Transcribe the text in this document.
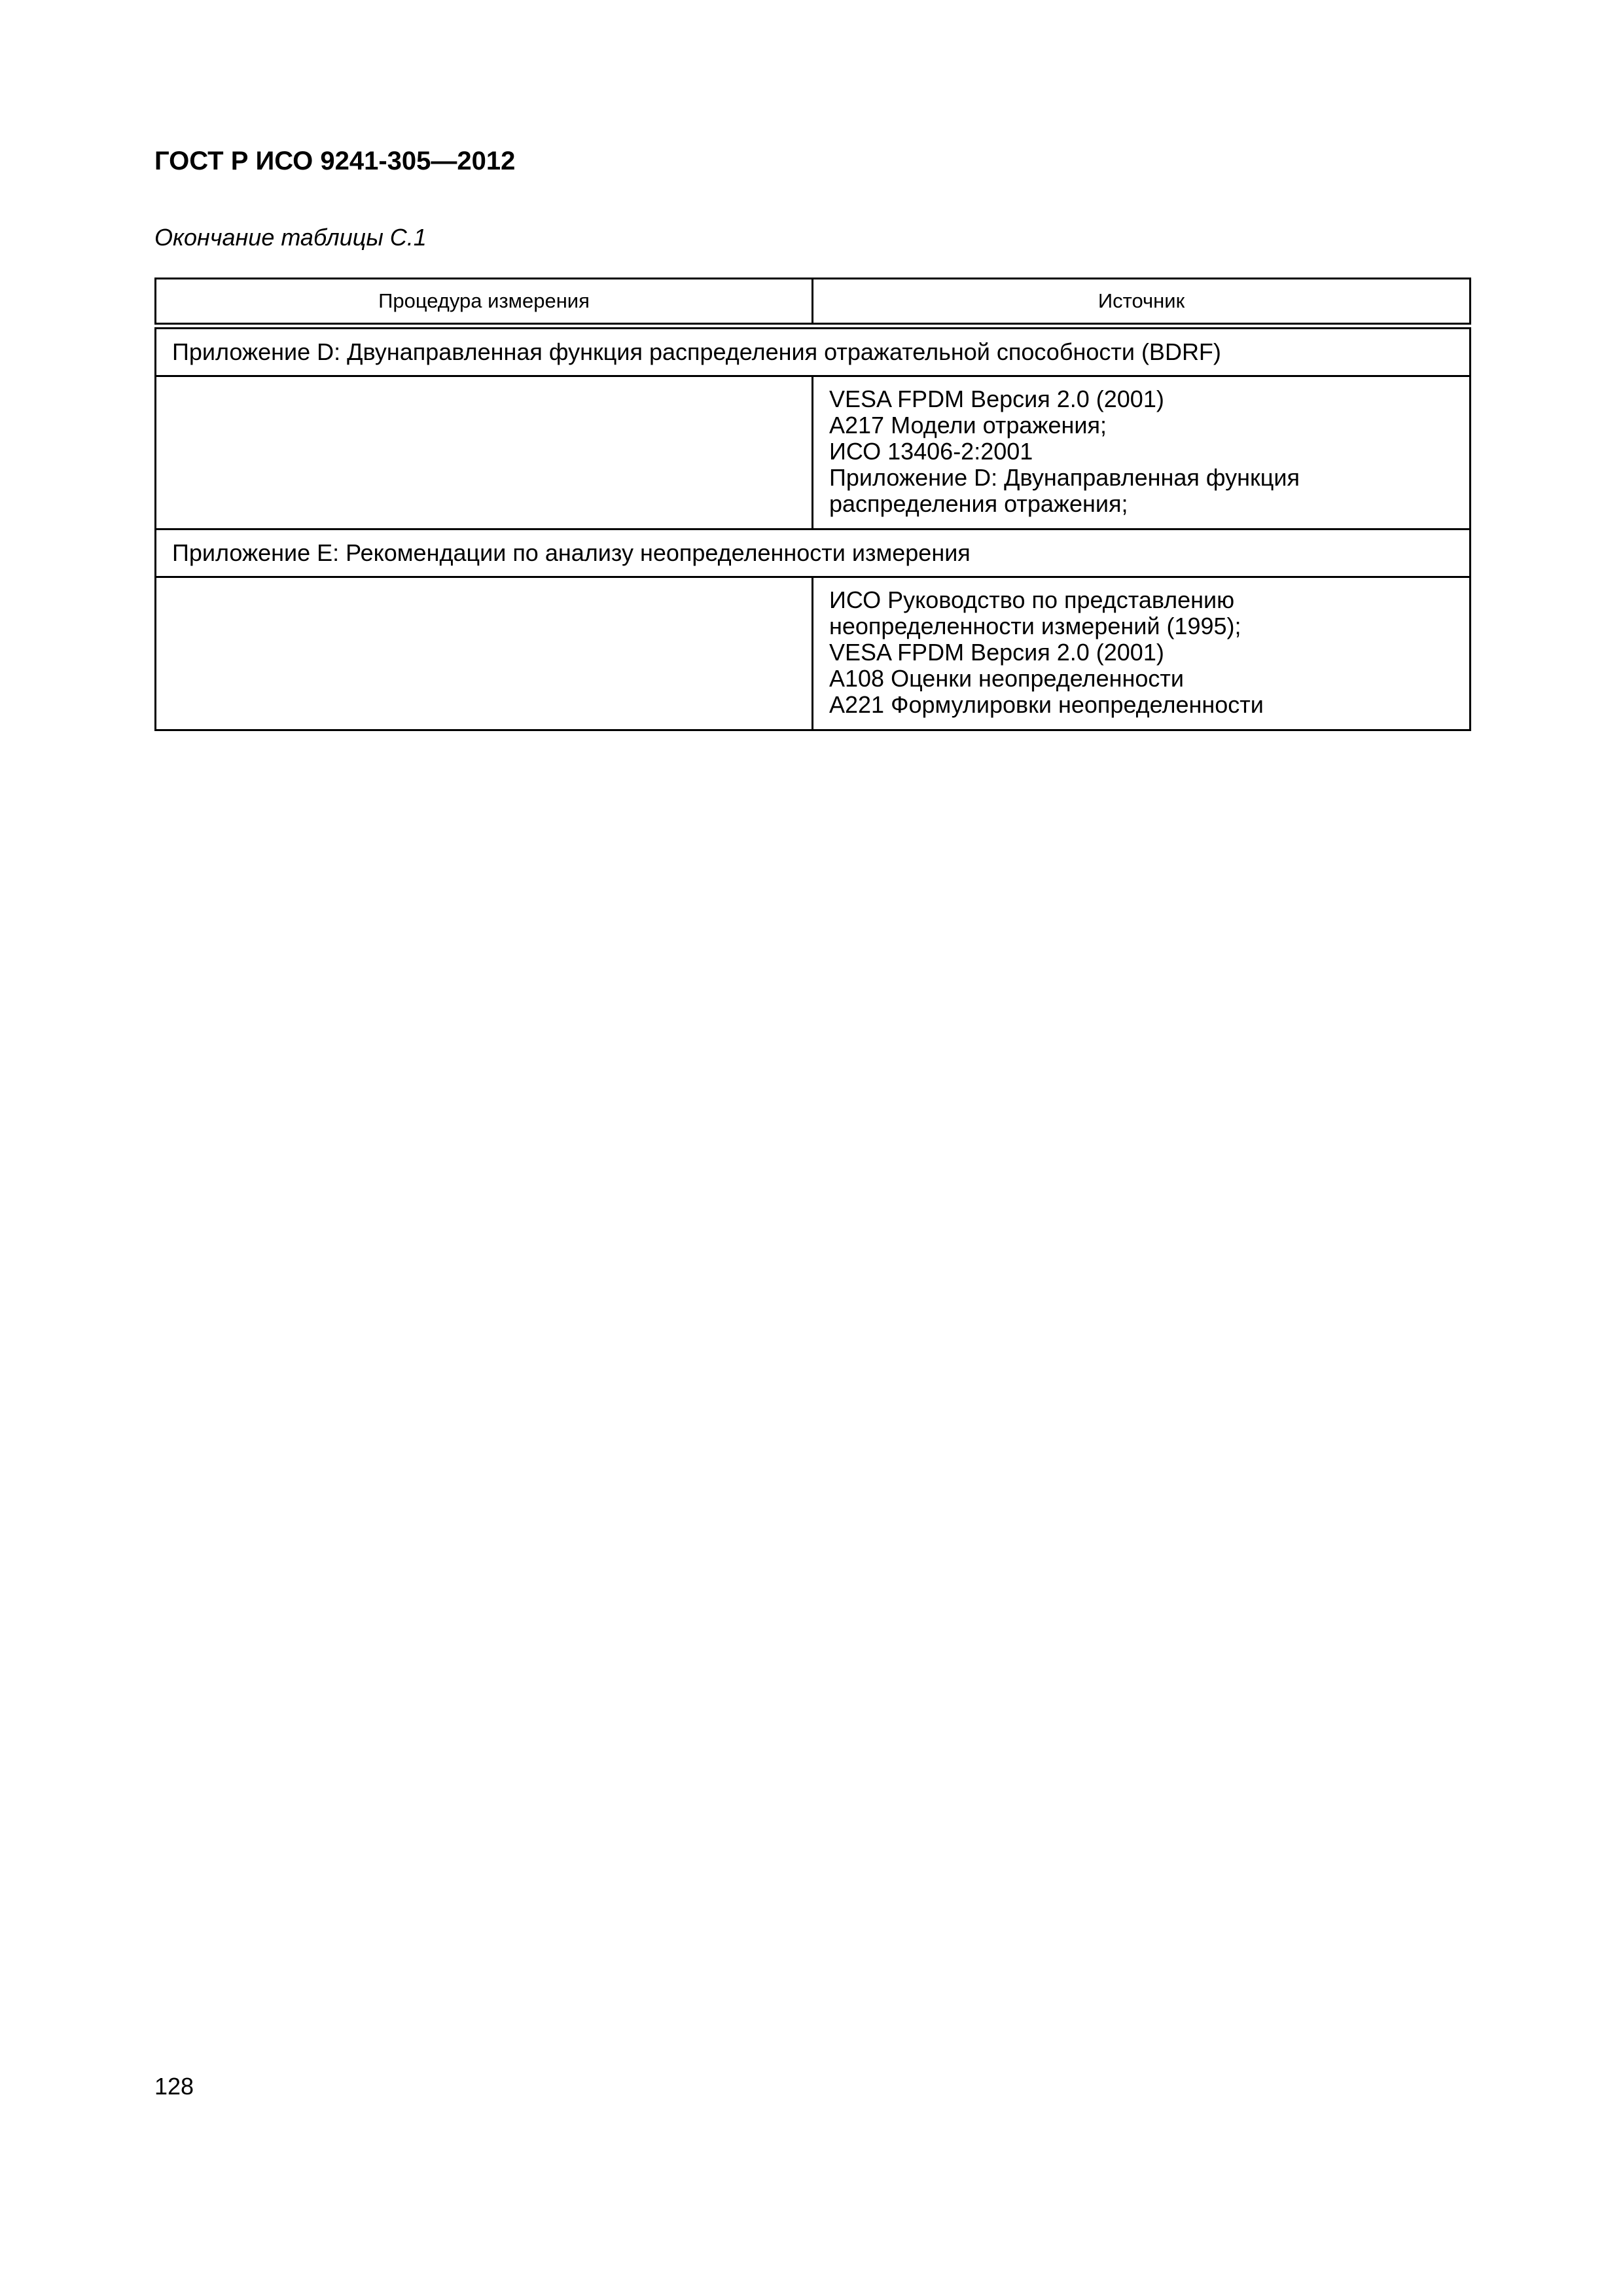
ГОСТ Р ИСО 9241-305—2012
Окончание таблицы С.1
Процедура измерения	Источник
Приложение D: Двунаправленная функция распределения отражательной способности (BDRF)	

	VESA FPDM Версия 2.0 (2001)
А217 Модели отражения;
ИСО 13406-2:2001
Приложение D: Двунаправленная функция
распределения отражения;

Приложение Е: Рекомендации по анализу неопределенности измерения	

	ИСО Руководство по представлению
неопределенности измерений (1995);
VESA FPDM Версия 2.0 (2001)
А108 Оценки неопределенности
А221 Формулировки неопределенности
128
